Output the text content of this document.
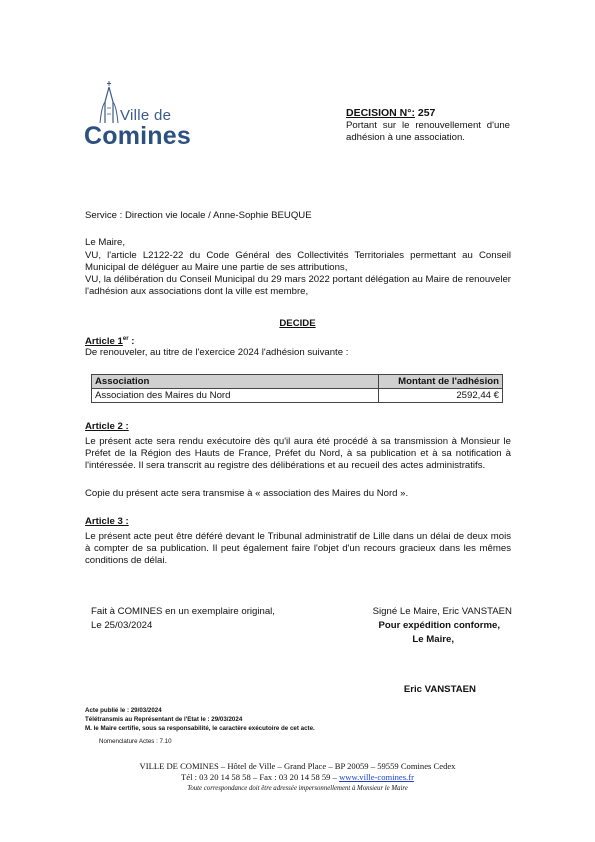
Ville de
Comines
DECISION N°: 257
Portant sur le renouvellement d'une adhésion à une association.
Service : Direction vie locale / Anne-Sophie BEUQUE
Le Maire,
VU, l'article L2122-22 du Code Général des Collectivités Territoriales permettant au Conseil Municipal de déléguer au Maire une partie de ses attributions,
VU, la délibération du Conseil Municipal du 29 mars 2022 portant délégation au Maire de renouveler l'adhésion aux associations dont la ville est membre,
DECIDE
Article 1er :
De renouveler, au titre de l'exercice 2024 l'adhésion suivante :
Association	Montant de l'adhésion
Association des Maires du Nord	2592,44 €
Article 2 :
Le présent acte sera rendu exécutoire dès qu'il aura été procédé à sa transmission à Monsieur le Préfet de la Région des Hauts de France, Préfet du Nord, à sa publication et à sa notification à l'intéressée. Il sera transcrit au registre des délibérations et au recueil des actes administratifs.
Copie du présent acte sera transmise à « association des Maires du Nord ».
Article 3 :
Le présent acte peut être déféré devant le Tribunal administratif de Lille dans un délai de deux mois à compter de sa publication. Il peut également faire l'objet d'un recours gracieux dans les mêmes conditions de délai.
Fait à COMINES en un exemplaire original,
Le 25/03/2024
Signé Le Maire, Eric VANSTAEN
Pour expédition conforme,
Le Maire,
Eric VANSTAEN
Acte publié le : 29/03/2024
Télétransmis au Représentant de l'Etat le : 29/03/2024
M. le Maire certifie, sous sa responsabilité, le caractère exécutoire de cet acte.
Nomenclature Actes : 7.10
VILLE DE COMINES – Hôtel de Ville – Grand Place – BP 20059 – 59559 Comines Cedex
Tél : 03 20 14 58 58 – Fax : 03 20 14 58 59 – www.ville-comines.fr
Toute correspondance doit être adressée impersonnellement à Monsieur le Maire
